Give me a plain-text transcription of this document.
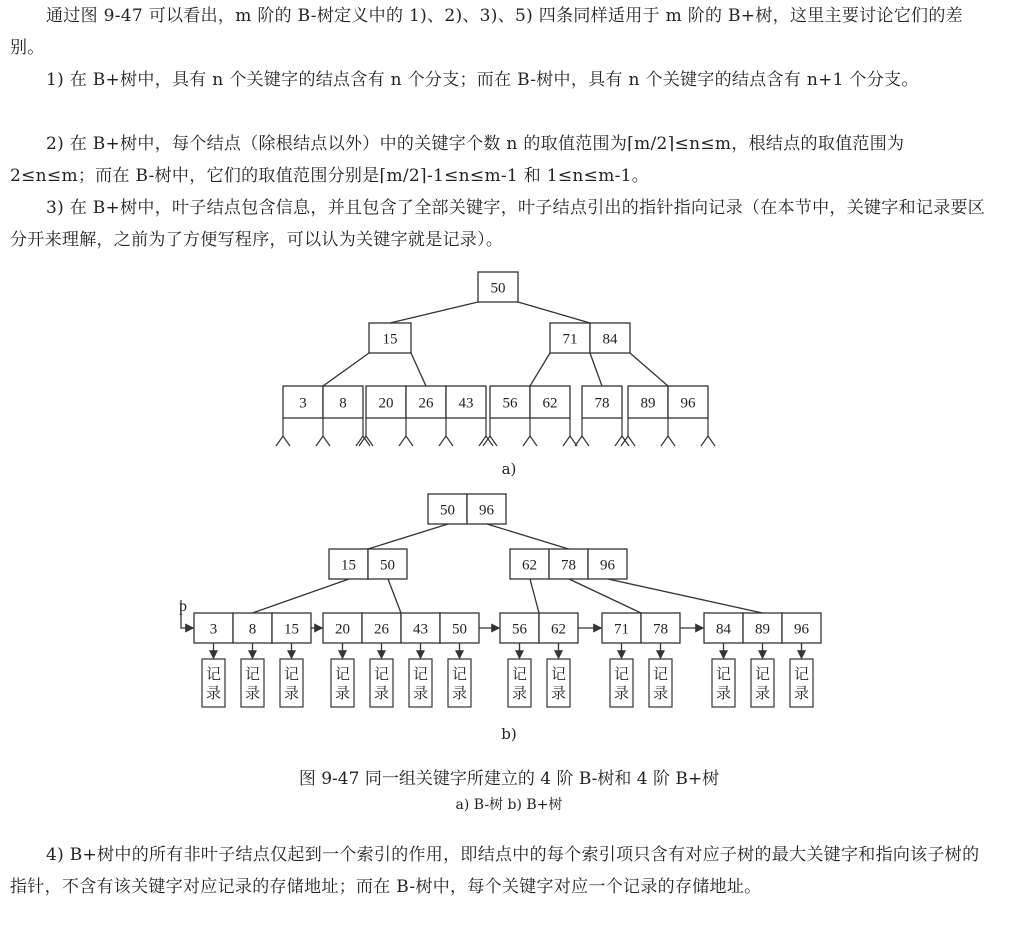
通过图 9-47 可以看出，m 阶的 B-树定义中的 1)、2)、3)、5) 四条同样适用于 m 阶的 B+树，这里主要讨论它们的差别。

1) 在 B+树中，具有 n 个关键字的结点含有 n 个分支；而在 B-树中，具有 n 个关键字的结点含有 n+1 个分支。

2) 在 B+树中，每个结点（除根结点以外）中的关键字个数 n 的取值范围为⌈m/2⌉≤n≤m，根结点的取值范围为 2≤n≤m；而在 B-树中，它们的取值范围分别是⌈m/2⌉-1≤n≤m-1 和 1≤n≤m-1。

3) 在 B+树中，叶子结点包含信息，并且包含了全部关键字，叶子结点引出的指针指向记录（在本节中，关键字和记录要区分开来理解，之前为了方便写程序，可以认为关键字就是记录）。

a)
b)
图 9-47 同一组关键字所建立的 4 阶 B-树和 4 阶 B+树
a) B-树 b) B+树

4) B+树中的所有非叶子结点仅起到一个索引的作用，即结点中的每个索引项只含有对应子树的最大关键字和指向该子树的指针，不含有该关键字对应记录的存储地址；而在 B-树中，每个关键字对应一个记录的存储地址。

p
50
15	71 84
3 8 20 26 43 56 62 78 89 96
50 96
15 50	62 78 96
3 8 15 20 26 43 50	56 62	71 78	84 89 96
记
录
记
录
记
录
记
录
记
录
记
录
记
录
记
录
记
录
记
录
记
录
记
录
记
录
记
录
